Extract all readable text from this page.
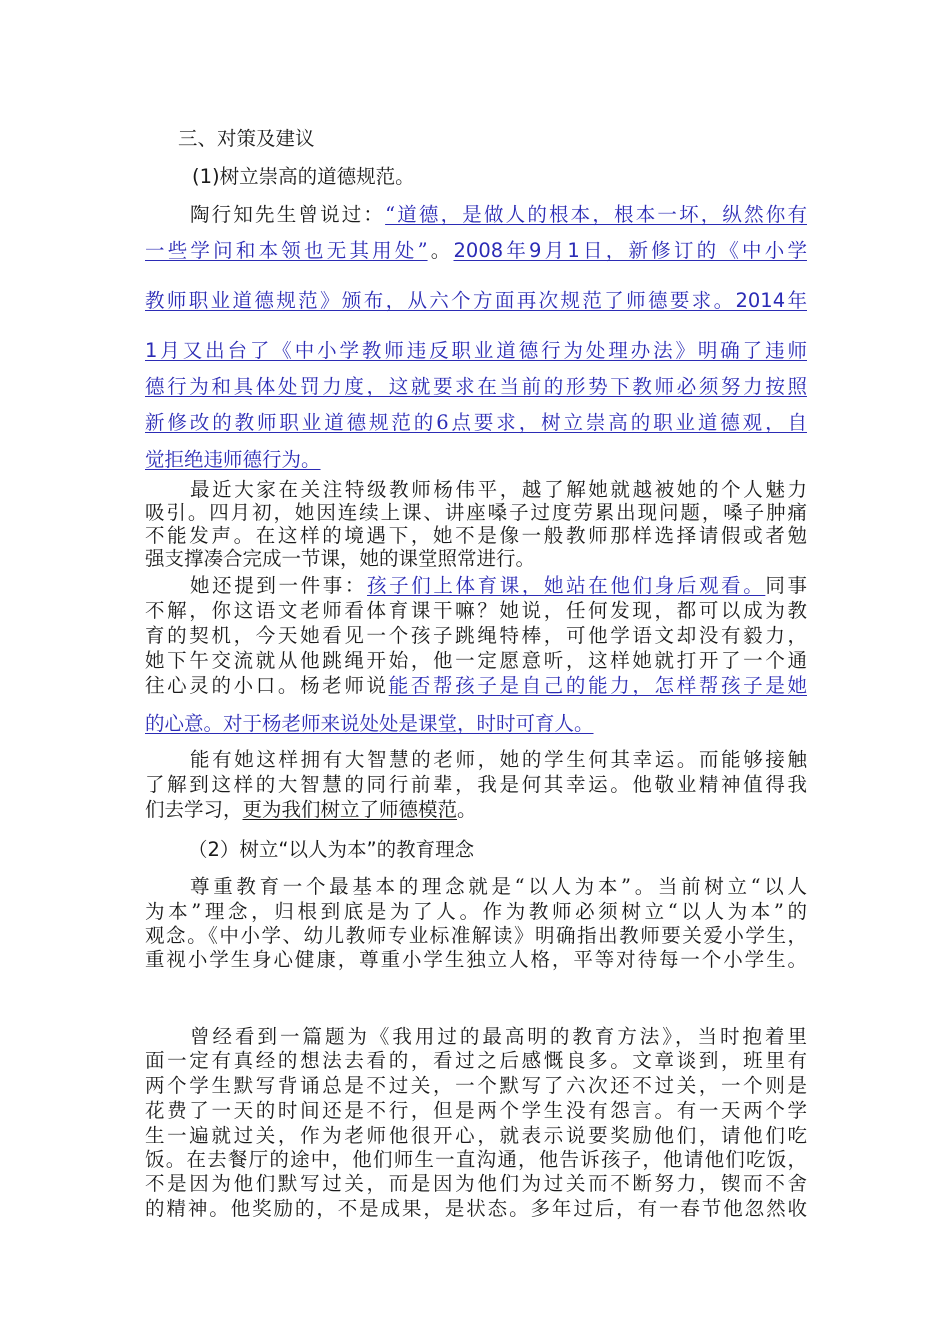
三、对策及建议
(1)树立崇高的道德规范。
陶行知先生曾说过：“道德，是做人的根本，根本一坏，纵然你有
一些学问和本领也无其用处”。2008年9月1日，新修订的《中小学
教师职业道德规范》颁布，从六个方面再次规范了师德要求。2014年
1月又出台了《中小学教师违反职业道德行为处理办法》明确了违师
德行为和具体处罚力度，这就要求在当前的形势下教师必须努力按照
新修改的教师职业道德规范的6点要求，树立崇高的职业道德观，自
觉拒绝违师德行为。
最近大家在关注特级教师杨伟平，越了解她就越被她的个人魅力
吸引。四月初，她因连续上课、讲座嗓子过度劳累出现问题，嗓子肿痛
不能发声。在这样的境遇下，她不是像一般教师那样选择请假或者勉
强支撑凑合完成一节课，她的课堂照常进行。
她还提到一件事：孩子们上体育课，她站在他们身后观看。同事
不解，你这语文老师看体育课干嘛？她说，任何发现，都可以成为教
育的契机，今天她看见一个孩子跳绳特棒，可他学语文却没有毅力，
她下午交流就从他跳绳开始，他一定愿意听，这样她就打开了一个通
往心灵的小口。杨老师说能否帮孩子是自己的能力，怎样帮孩子是她
的心意。对于杨老师来说处处是课堂，时时可育人。
能有她这样拥有大智慧的老师，她的学生何其幸运。而能够接触
了解到这样的大智慧的同行前辈，我是何其幸运。他敬业精神值得我
们去学习，更为我们树立了师德模范。
（2）树立“以人为本”的教育理念
尊重教育一个最基本的理念就是“以人为本”。当前树立“以人
为本”理念，归根到底是为了人。作为教师必须树立“以人为本”的
观念。《中小学、幼儿教师专业标准解读》明确指出教师要关爱小学生，
重视小学生身心健康，尊重小学生独立人格，平等对待每一个小学生。
曾经看到一篇题为《我用过的最高明的教育方法》，当时抱着里
面一定有真经的想法去看的，看过之后感慨良多。文章谈到，班里有
两个学生默写背诵总是不过关，一个默写了六次还不过关，一个则是
花费了一天的时间还是不行，但是两个学生没有怨言。有一天两个学
生一遍就过关，作为老师他很开心，就表示说要奖励他们，请他们吃
饭。在去餐厅的途中，他们师生一直沟通，他告诉孩子，他请他们吃饭，
不是因为他们默写过关，而是因为他们为过关而不断努力，锲而不舍
的精神。他奖励的，不是成果，是状态。多年过后，有一春节他忽然收
